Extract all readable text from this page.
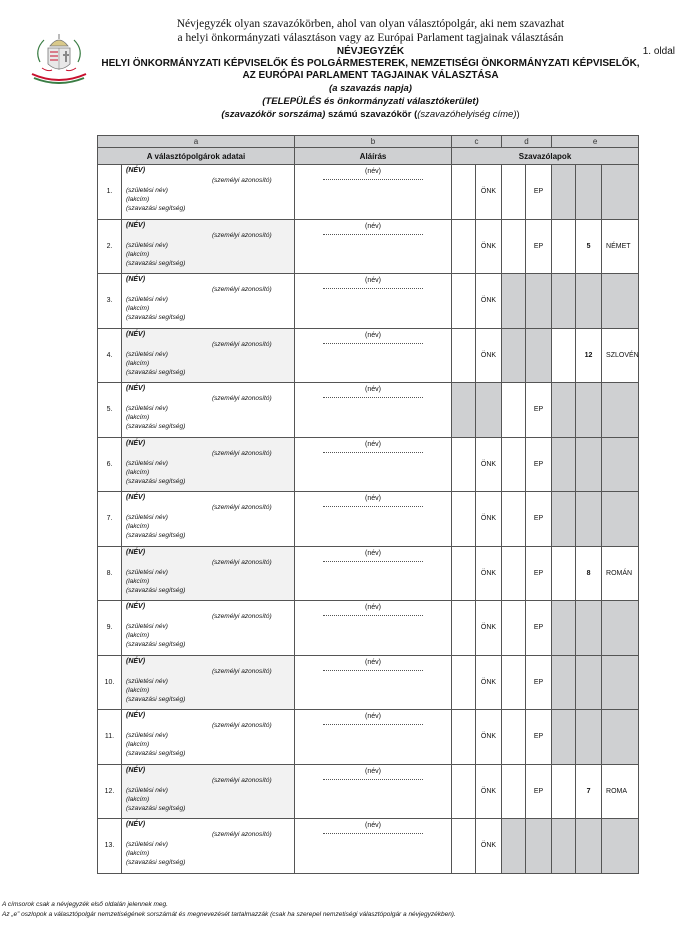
Névjegyzék olyan szavazókörben, ahol van olyan választópolgár, aki nem szavazhat
a helyi önkormányzati választáson vagy az Európai Parlament tagjainak választásán
NÉVJEGYZÉK	1. oldal
HELYI ÖNKORMÁNYZATI KÉPVISELŐK ÉS POLGÁRMESTEREK, NEMZETISÉGI ÖNKORMÁNYZATI KÉPVISELŐK,
AZ EURÓPAI PARLAMENT TAGJAINAK VÁLASZTÁSA
(a szavazás napja)
(TELEPÜLÉS és önkormányzati választókerület)
(szavazókör sorszáma) számú szavazókör ((szavazóhelyiség címe))
a		b	c		d		e		
A választópolgárok adatai		Aláírás	Szavazólapok						
1.	(NÉV)
(személyi azonosító)
(születési név)
(lakcím)
(szavazási segítség)	(név)		ÖNK		EP			
2.	(NÉV)
(személyi azonosító)
(születési név)
(lakcím)
(szavazási segítség)	(név)		ÖNK		EP		5	NÉMET
3.	(NÉV)
(személyi azonosító)
(születési név)
(lakcím)
(szavazási segítség)	(név)		ÖNK					
4.	(NÉV)
(személyi azonosító)
(születési név)
(lakcím)
(szavazási segítség)	(név)		ÖNK				12	SZLOVÉN
5.	(NÉV)
(személyi azonosító)
(születési név)
(lakcím)
(szavazási segítség)	(név)				EP			
6.	(NÉV)
(személyi azonosító)
(születési név)
(lakcím)
(szavazási segítség)	(név)		ÖNK		EP			
7.	(NÉV)
(személyi azonosító)
(születési név)
(lakcím)
(szavazási segítség)	(név)		ÖNK		EP			
8.	(NÉV)
(személyi azonosító)
(születési név)
(lakcím)
(szavazási segítség)	(név)		ÖNK		EP		8	ROMÁN
9.	(NÉV)
(személyi azonosító)
(születési név)
(lakcím)
(szavazási segítség)	(név)		ÖNK		EP			
10.	(NÉV)
(személyi azonosító)
(születési név)
(lakcím)
(szavazási segítség)	(név)		ÖNK		EP			
11.	(NÉV)
(személyi azonosító)
(születési név)
(lakcím)
(szavazási segítség)	(név)		ÖNK		EP			
12.	(NÉV)
(személyi azonosító)
(születési név)
(lakcím)
(szavazási segítség)	(név)		ÖNK		EP		7	ROMA
13.	(NÉV)
(személyi azonosító)
(születési név)
(lakcím)
(szavazási segítség)	(név)		ÖNK					
A címsorok csak a névjegyzék első oldalán jelennek meg.
Az „e” oszlopok a választópolgár nemzetiségének sorszámát és megnevezését tartalmazzák (csak ha szerepel nemzetiségi választópolgár a névjegyzékben).
